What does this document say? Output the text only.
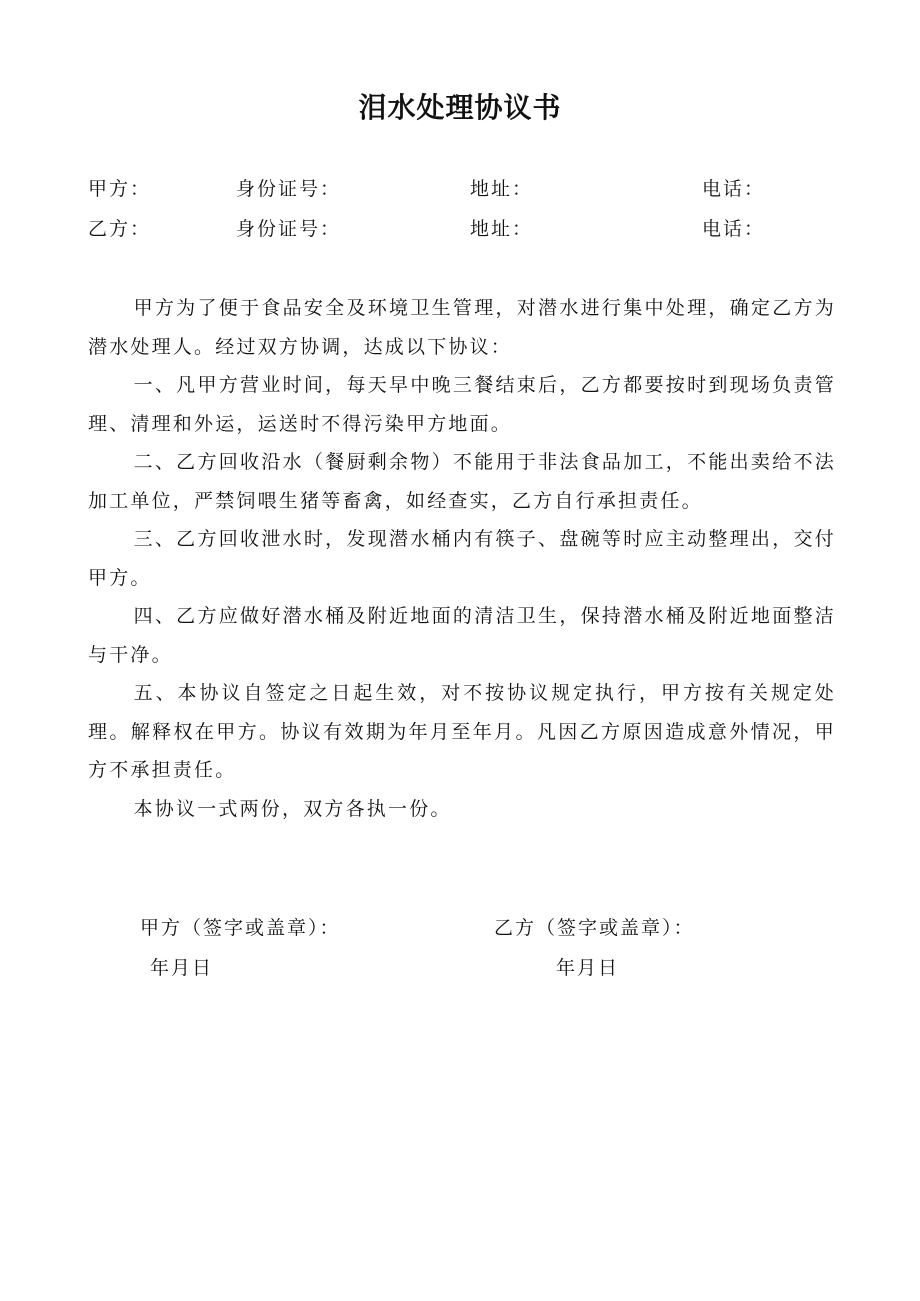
泪水处理协议书
甲方：	身份证号：	地址：	电话：
乙方：	身份证号：	地址：	电话：

甲方为了便于食品安全及环境卫生管理，对潜水进行集中处理，确定乙方为潜水处理人。经过双方协调，达成以下协议：

一、凡甲方营业时间，每天早中晚三餐结束后，乙方都要按时到现场负责管理、清理和外运，运送时不得污染甲方地面。

二、乙方回收沿水（餐厨剩余物）不能用于非法食品加工，不能出卖给不法加工单位，严禁饲喂生猪等畜禽，如经查实，乙方自行承担责任。

三、乙方回收泄水时，发现潜水桶内有筷子、盘碗等时应主动整理出，交付甲方。

四、乙方应做好潜水桶及附近地面的清洁卫生，保持潜水桶及附近地面整洁与干净。

五、本协议自签定之日起生效，对不按协议规定执行，甲方按有关规定处理。解释权在甲方。协议有效期为年月至年月。凡因乙方原因造成意外情况，甲方不承担责任。

本协议一式两份，双方各执一份。

甲方（签字或盖章）：	乙方（签字或盖章）：
年月日	年月日
